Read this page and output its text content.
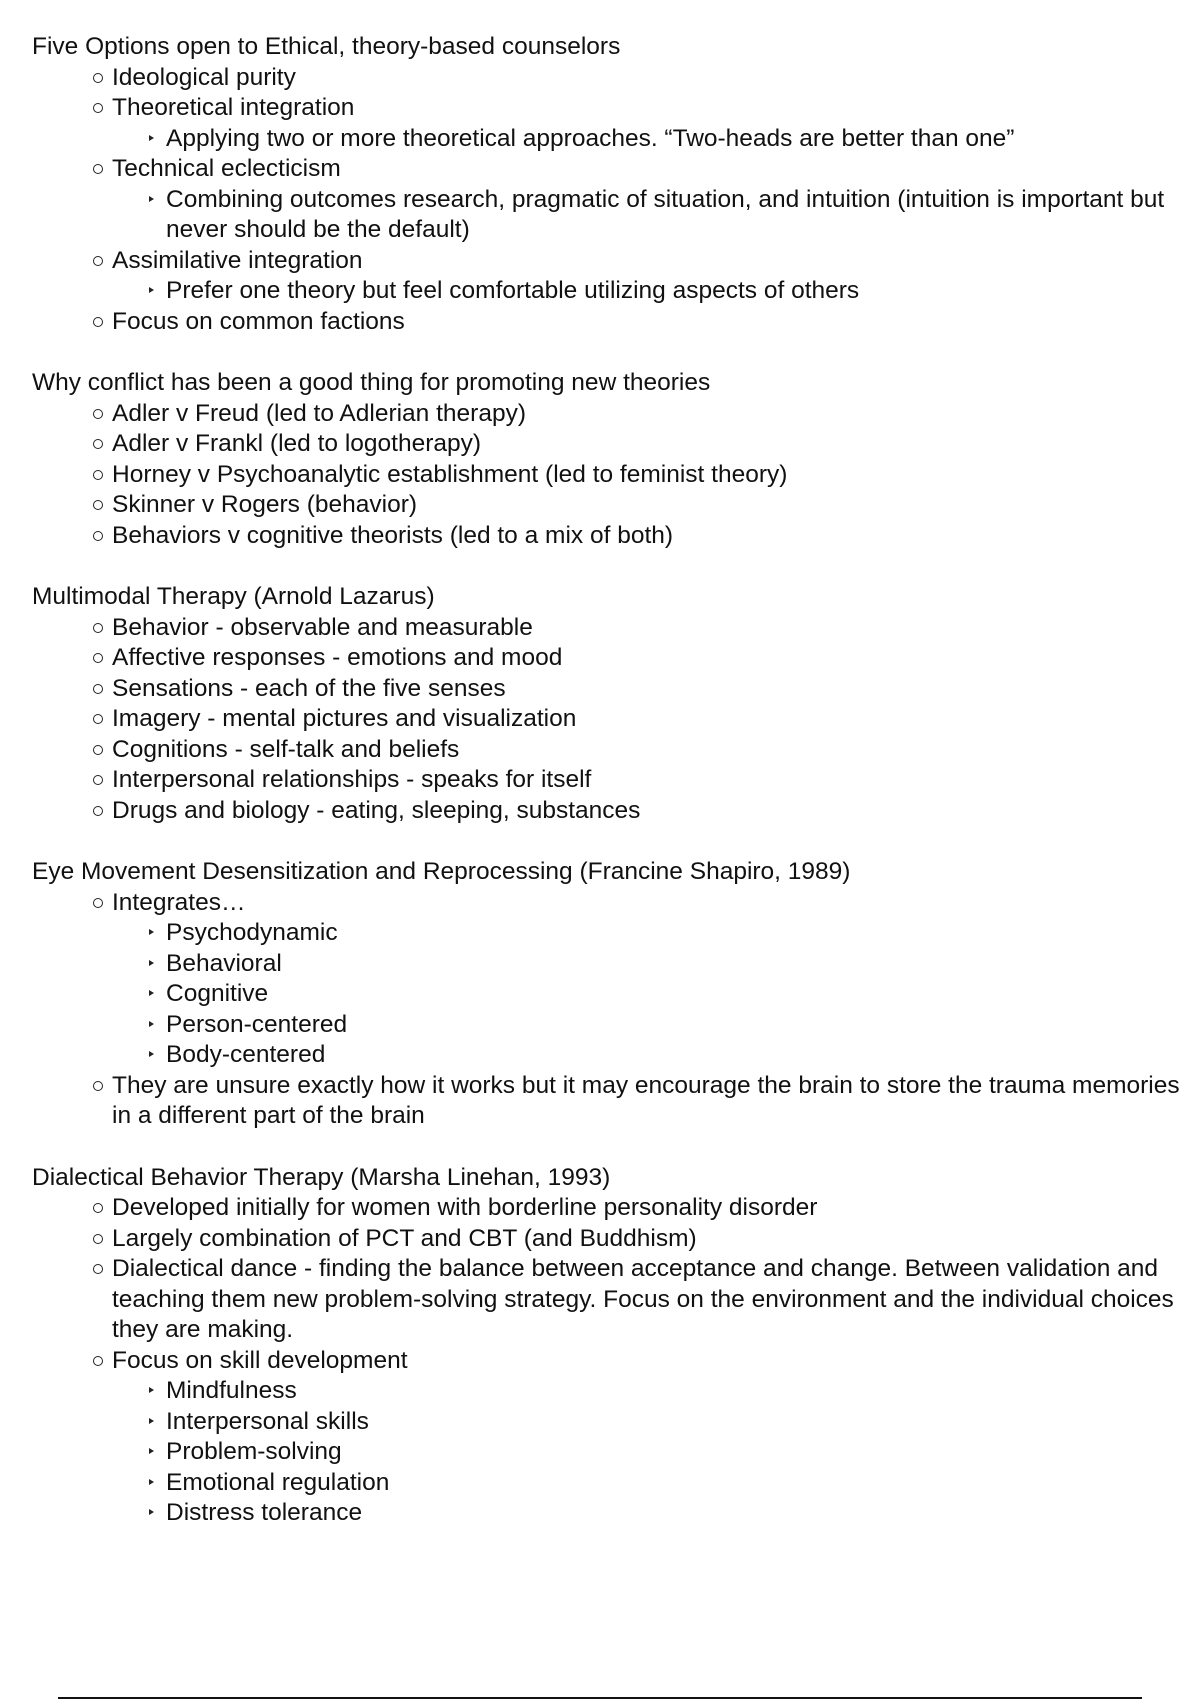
Five Options open to Ethical, theory-based counselors
Ideological purity
Theoretical integration
Applying two or more theoretical approaches. “Two-heads are better than one”
Technical eclecticism
Combining outcomes research, pragmatic of situation, and intuition (intuition is important but never should be the default)
Assimilative integration
Prefer one theory but feel comfortable utilizing aspects of others
Focus on common factions
Why conflict has been a good thing for promoting new theories
Adler v Freud (led to Adlerian therapy)
Adler v Frankl (led to logotherapy)
Horney v Psychoanalytic establishment (led to feminist theory)
Skinner v Rogers (behavior)
Behaviors v cognitive theorists (led to a mix of both)
Multimodal Therapy (Arnold Lazarus)
Behavior - observable and measurable
Affective responses - emotions and mood
Sensations - each of the five senses
Imagery - mental pictures and visualization
Cognitions - self-talk and beliefs
Interpersonal relationships - speaks for itself
Drugs and biology - eating, sleeping, substances
Eye Movement Desensitization and Reprocessing (Francine Shapiro, 1989)
Integrates…
Psychodynamic
Behavioral
Cognitive
Person-centered
Body-centered
They are unsure exactly how it works but it may encourage the brain to store the trauma memories in a different part of the brain
Dialectical Behavior Therapy (Marsha Linehan, 1993)
Developed initially for women with borderline personality disorder
Largely combination of PCT and CBT (and Buddhism)
Dialectical dance - finding the balance between acceptance and change. Between validation and teaching them new problem-solving strategy. Focus on the environment and the individual choices they are making.
Focus on skill development
Mindfulness
Interpersonal skills
Problem-solving
Emotional regulation
Distress tolerance
